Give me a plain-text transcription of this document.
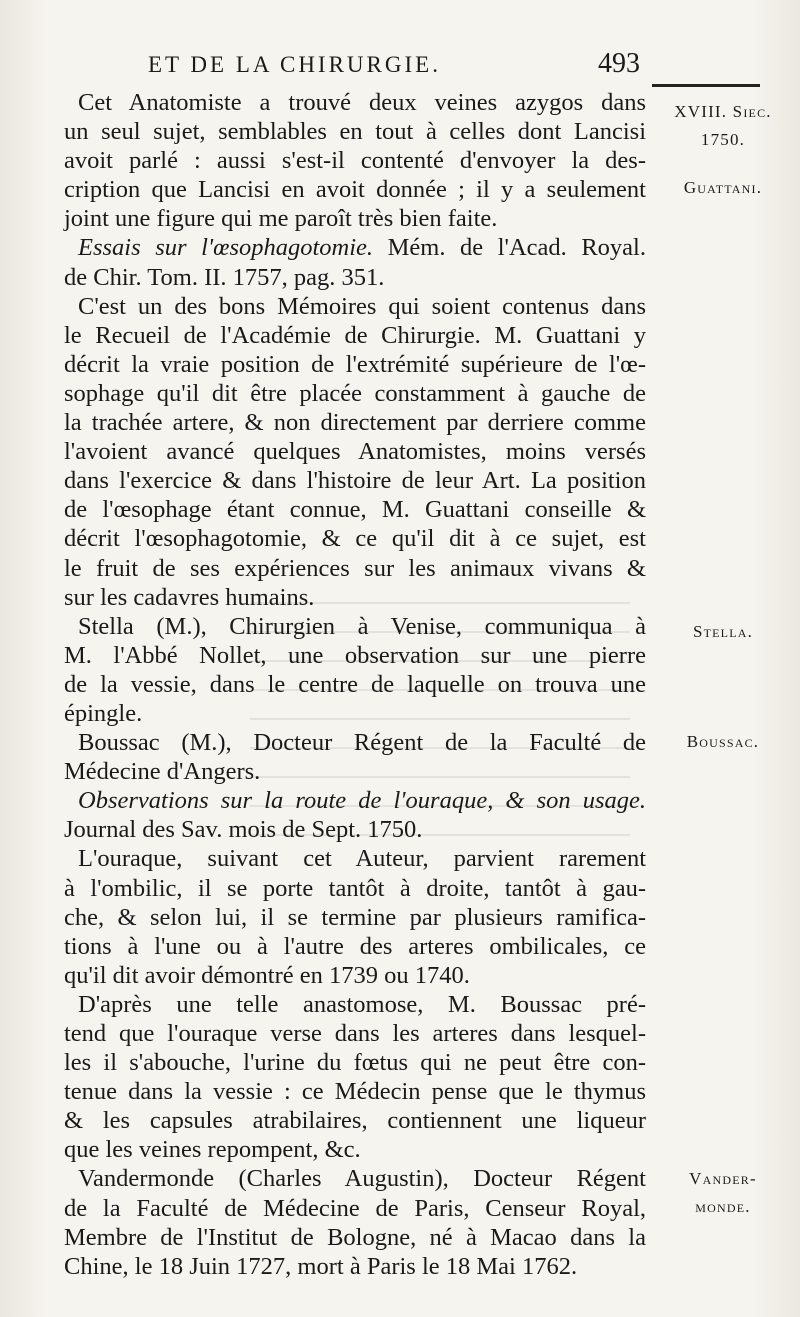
ET DE LA CHIRURGIE.	493
Cet Anatomiste a trouvé deux veines azygos dans
un seul sujet, semblables en tout à celles dont Lancisi
avoit parlé : aussi s'est-il contenté d'envoyer la des-
cription que Lancisi en avoit donnée ; il y a seulement
joint une figure qui me paroît très bien faite.
Essais sur l'œsophagotomie. Mém. de l'Acad. Royal.
de Chir. Tom. II. 1757, pag. 351.
C'est un des bons Mémoires qui soient contenus dans
le Recueil de l'Académie de Chirurgie. M. Guattani y
décrit la vraie position de l'extrémité supérieure de l'œ-
sophage qu'il dit être placée constamment à gauche de
la trachée artere, & non directement par derriere comme
l'avoient avancé quelques Anatomistes, moins versés
dans l'exercice & dans l'histoire de leur Art. La position
de l'œsophage étant connue, M. Guattani conseille &
décrit l'œsophagotomie, & ce qu'il dit à ce sujet, est
le fruit de ses expériences sur les animaux vivans &
sur les cadavres humains.
Stella (M.), Chirurgien à Venise, communiqua à
M. l'Abbé Nollet, une observation sur une pierre
de la vessie, dans le centre de laquelle on trouva une
épingle.
Boussac (M.), Docteur Régent de la Faculté de
Médecine d'Angers.
Observations sur la route de l'ouraque, & son usage.
Journal des Sav. mois de Sept. 1750.
L'ouraque, suivant cet Auteur, parvient rarement
à l'ombilic, il se porte tantôt à droite, tantôt à gau-
che, & selon lui, il se termine par plusieurs ramifica-
tions à l'une ou à l'autre des arteres ombilicales, ce
qu'il dit avoir démontré en 1739 ou 1740.
D'après une telle anastomose, M. Boussac pré-
tend que l'ouraque verse dans les arteres dans lesquel-
les il s'abouche, l'urine du fœtus qui ne peut être con-
tenue dans la vessie : ce Médecin pense que le thymus
& les capsules atrabilaires, contiennent une liqueur
que les veines repompent, &c.
Vandermonde (Charles Augustin), Docteur Régent
de la Faculté de Médecine de Paris, Censeur Royal,
Membre de l'Institut de Bologne, né à Macao dans la
Chine, le 18 Juin 1727, mort à Paris le 18 Mai 1762.
XVIII. Siec.
1750.
Guattani.
Stella.
Boussac.
Vander-
monde.
